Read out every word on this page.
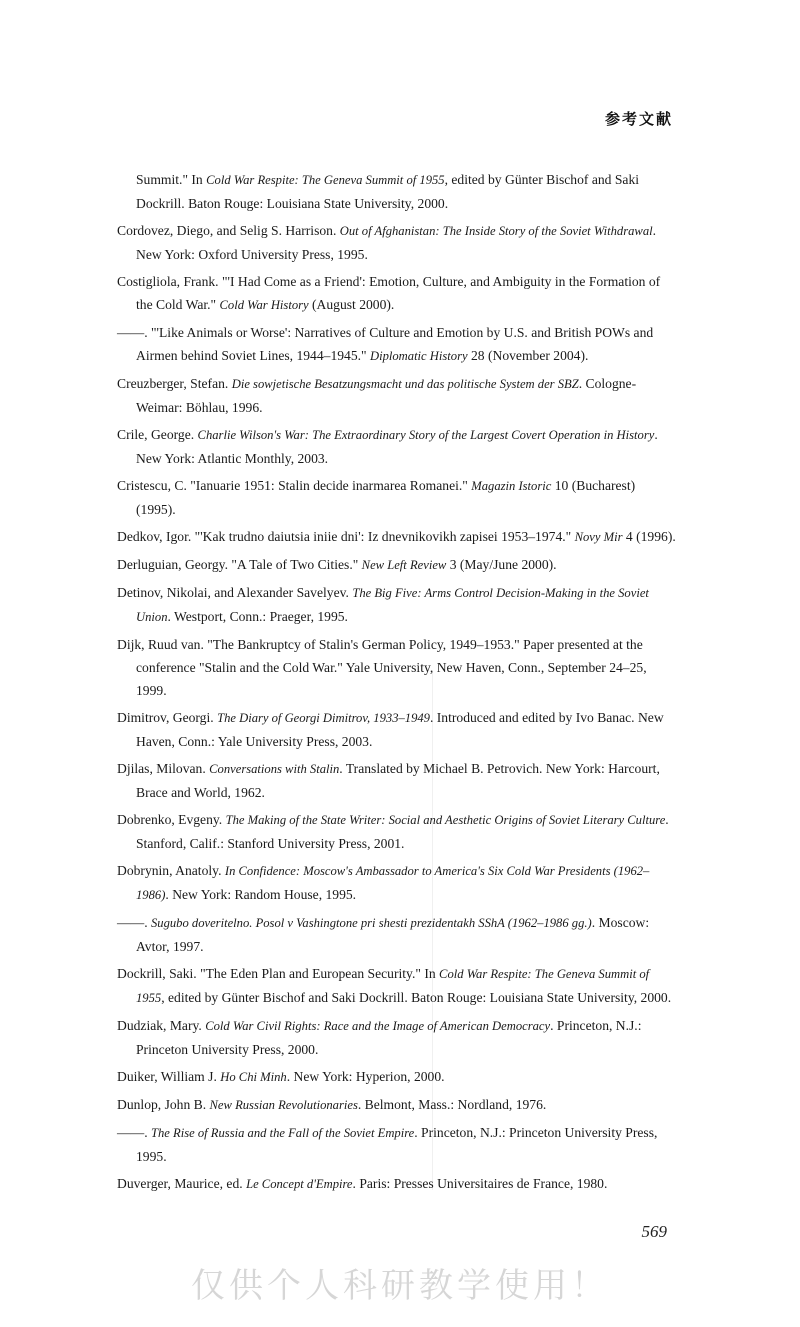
参考文献
Summit." In Cold War Respite: The Geneva Summit of 1955, edited by Günter Bischof and Saki Dockrill. Baton Rouge: Louisiana State University, 2000.
Cordovez, Diego, and Selig S. Harrison. Out of Afghanistan: The Inside Story of the Soviet Withdrawal. New York: Oxford University Press, 1995.
Costigliola, Frank. "'I Had Come as a Friend': Emotion, Culture, and Ambiguity in the Formation of the Cold War." Cold War History (August 2000).
——. "'Like Animals or Worse': Narratives of Culture and Emotion by U.S. and British POWs and Airmen behind Soviet Lines, 1944–1945." Diplomatic History 28 (November 2004).
Creuzberger, Stefan. Die sowjetische Besatzungsmacht und das politische System der SBZ. Cologne-Weimar: Böhlau, 1996.
Crile, George. Charlie Wilson's War: The Extraordinary Story of the Largest Covert Operation in History. New York: Atlantic Monthly, 2003.
Cristescu, C. "Ianuarie 1951: Stalin decide inarmarea Romanei." Magazin Istoric 10 (Bucharest) (1995).
Dedkov, Igor. "'Kak trudno daiutsia iniie dni': Iz dnevnikovikh zapisei 1953–1974." Novy Mir 4 (1996).
Derluguian, Georgy. "A Tale of Two Cities." New Left Review 3 (May/June 2000).
Detinov, Nikolai, and Alexander Savelyev. The Big Five: Arms Control Decision-Making in the Soviet Union. Westport, Conn.: Praeger, 1995.
Dijk, Ruud van. "The Bankruptcy of Stalin's German Policy, 1949–1953." Paper presented at the conference "Stalin and the Cold War." Yale University, New Haven, Conn., September 24–25, 1999.
Dimitrov, Georgi. The Diary of Georgi Dimitrov, 1933–1949. Introduced and edited by Ivo Banac. New Haven, Conn.: Yale University Press, 2003.
Djilas, Milovan. Conversations with Stalin. Translated by Michael B. Petrovich. New York: Harcourt, Brace and World, 1962.
Dobrenko, Evgeny. The Making of the State Writer: Social and Aesthetic Origins of Soviet Literary Culture. Stanford, Calif.: Stanford University Press, 2001.
Dobrynin, Anatoly. In Confidence: Moscow's Ambassador to America's Six Cold War Presidents (1962–1986). New York: Random House, 1995.
——. Sugubo doveritelno. Posol v Vashingtone pri shesti prezidentakh SShA (1962–1986 gg.). Moscow: Avtor, 1997.
Dockrill, Saki. "The Eden Plan and European Security." In Cold War Respite: The Geneva Summit of 1955, edited by Günter Bischof and Saki Dockrill. Baton Rouge: Louisiana State University, 2000.
Dudziak, Mary. Cold War Civil Rights: Race and the Image of American Democracy. Princeton, N.J.: Princeton University Press, 2000.
Duiker, William J. Ho Chi Minh. New York: Hyperion, 2000.
Dunlop, John B. New Russian Revolutionaries. Belmont, Mass.: Nordland, 1976.
——. The Rise of Russia and the Fall of the Soviet Empire. Princeton, N.J.: Princeton University Press, 1995.
Duverger, Maurice, ed. Le Concept d'Empire. Paris: Presses Universitaires de France, 1980.
569
仅供个人科研教学使用！
